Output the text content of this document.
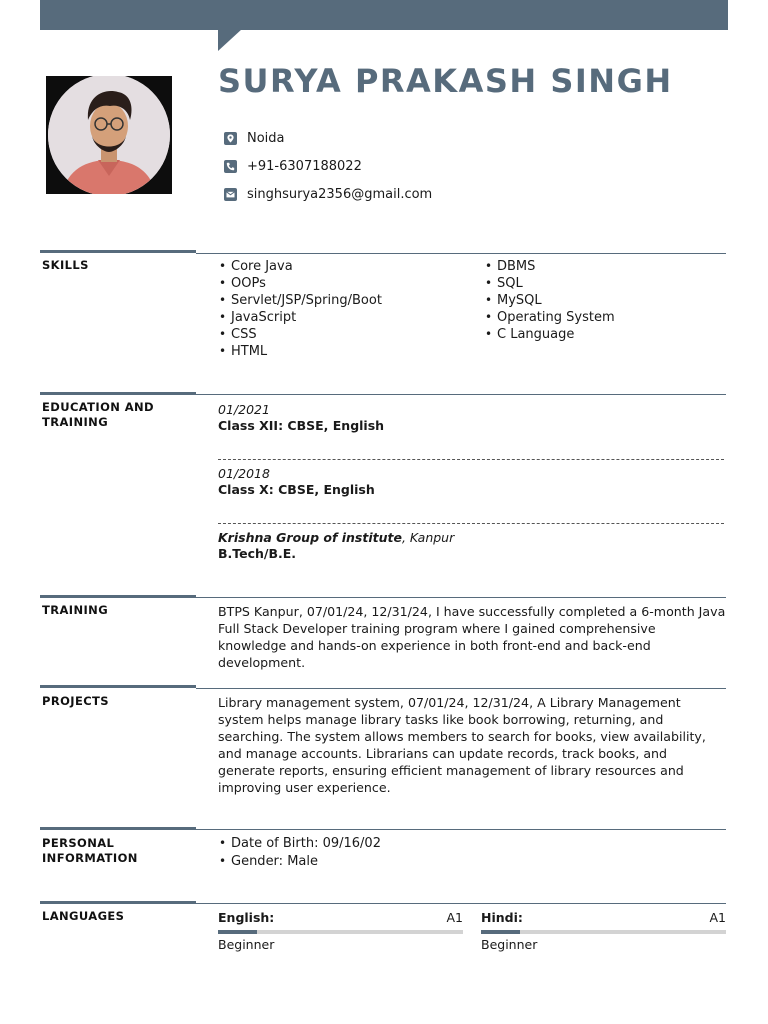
SURYA PRAKASH SINGH
Noida
+91-6307188022
singhsurya2356@gmail.com
SKILLS
•	Core Java
• OOPs
• Servlet/JSP/Spring/Boot
• JavaScript
• CSS
• HTML
• DBMS
• SQL
• MySQL
• Operating System
• C Language
EDUCATION AND
TRAINING
01/2021
Class XII: CBSE, English
01/2018
Class X: CBSE, English
Krishna Group of institute, Kanpur
B.Tech/B.E.
TRAINING	BTPS Kanpur, 07/01/24, 12/31/24, I have successfully completed a 6-month Java Full Stack Developer training program where I gained comprehensive knowledge and hands-on experience in both front-end and back-end development.
PROJECTS	Library management system, 07/01/24, 12/31/24, A Library Management system helps manage library tasks like book borrowing, returning, and searching. The system allows members to search for books, view availability, and manage accounts. Librarians can update records, track books, and generate reports, ensuring efficient management of library resources and improving user experience.
PERSONAL
INFORMATION
• Date of Birth: 09/16/02
• Gender: Male
LANGUAGES	English:	A1
Beginner
Hindi:	A1
Beginner
